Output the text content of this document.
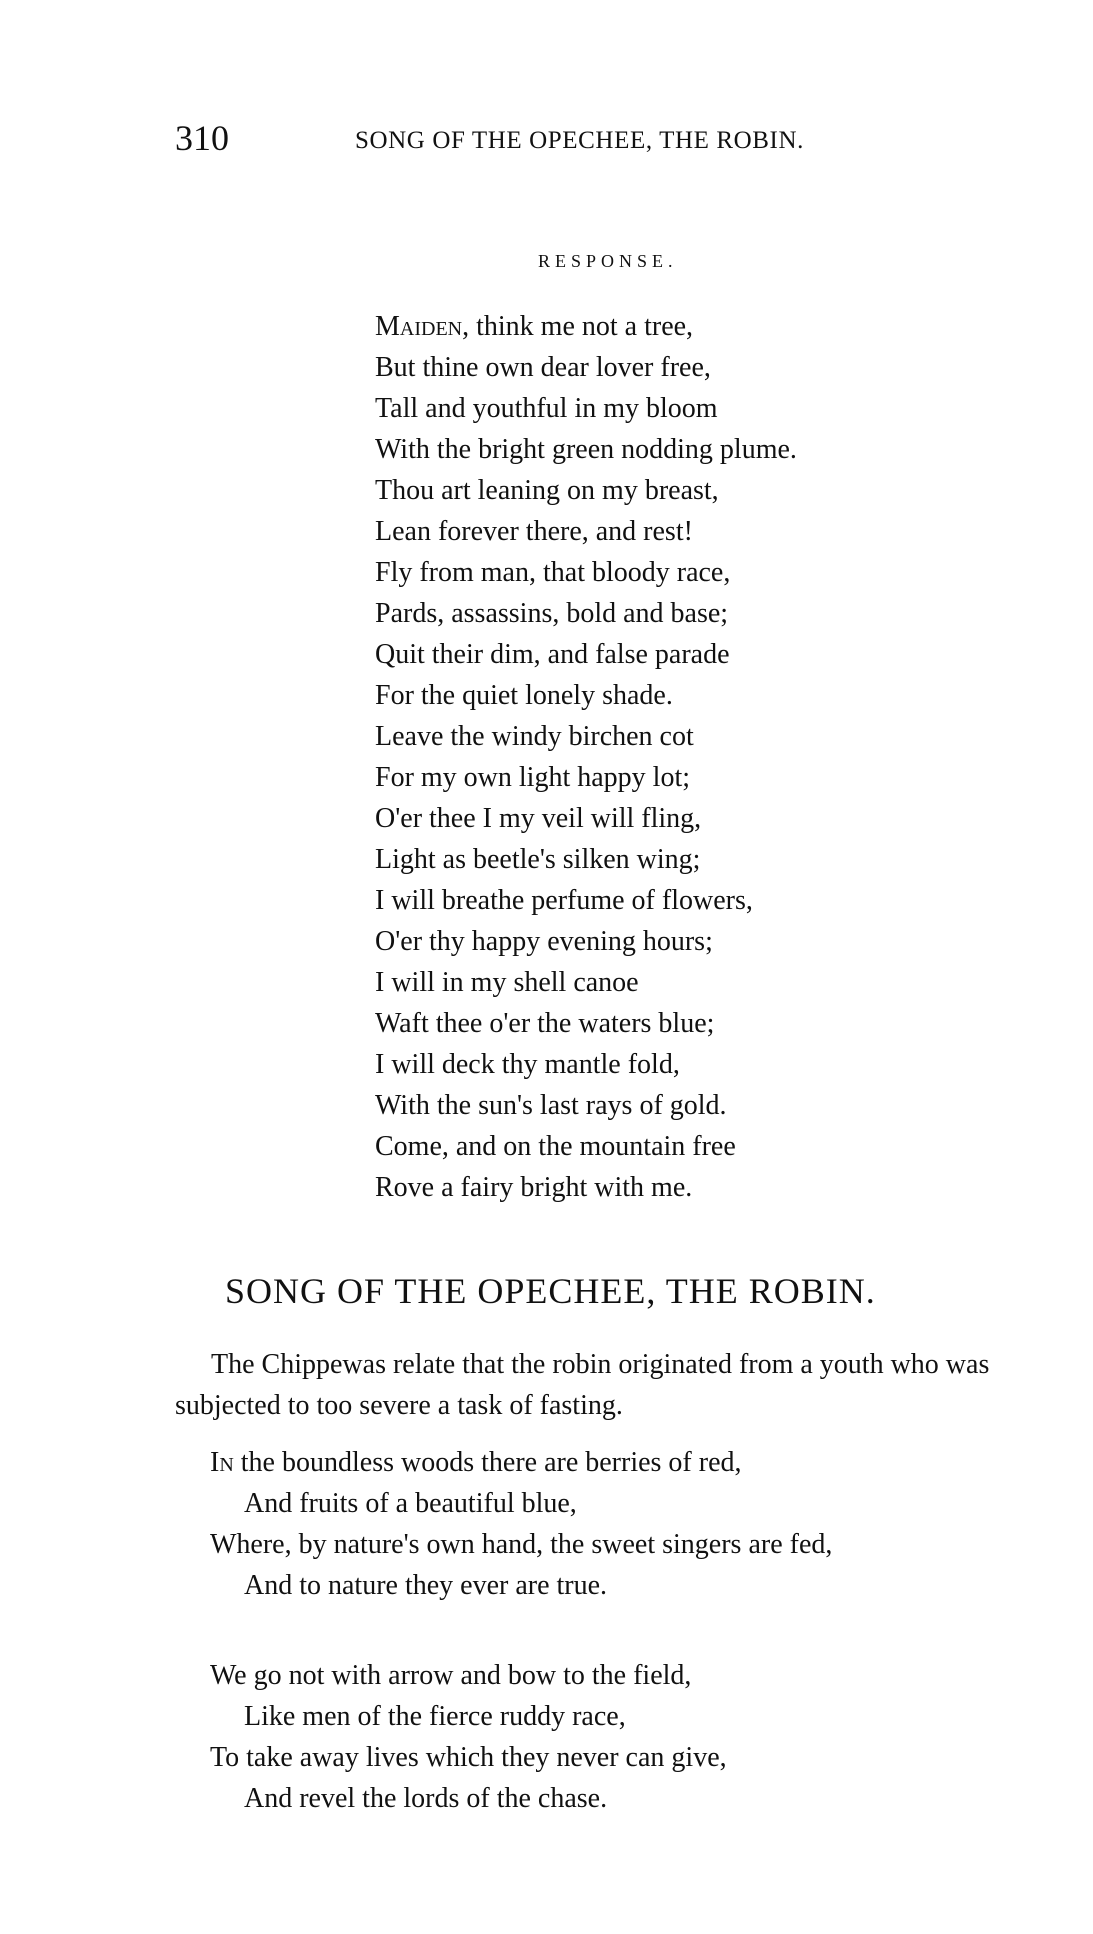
310	SONG OF THE OPECHEE, THE ROBIN.
RESPONSE.
Maiden, think me not a tree,
But thine own dear lover free,
Tall and youthful in my bloom
With the bright green nodding plume.
Thou art leaning on my breast,
Lean forever there, and rest!
Fly from man, that bloody race,
Pards, assassins, bold and base;
Quit their dim, and false parade
For the quiet lonely shade.
Leave the windy birchen cot
For my own light happy lot;
O'er thee I my veil will fling,
Light as beetle's silken wing;
I will breathe perfume of flowers,
O'er thy happy evening hours;
I will in my shell canoe
Waft thee o'er the waters blue;
I will deck thy mantle fold,
With the sun's last rays of gold.
Come, and on the mountain free
Rove a fairy bright with me.
SONG OF THE OPECHEE, THE ROBIN.

The Chippewas relate that the robin originated from a youth who was subjected to too severe a task of fasting.

In the boundless woods there are berries of red,
And fruits of a beautiful blue,
Where, by nature's own hand, the sweet singers are fed,
And to nature they ever are true.
We go not with arrow and bow to the field,
Like men of the fierce ruddy race,
To take away lives which they never can give,
And revel the lords of the chase.
